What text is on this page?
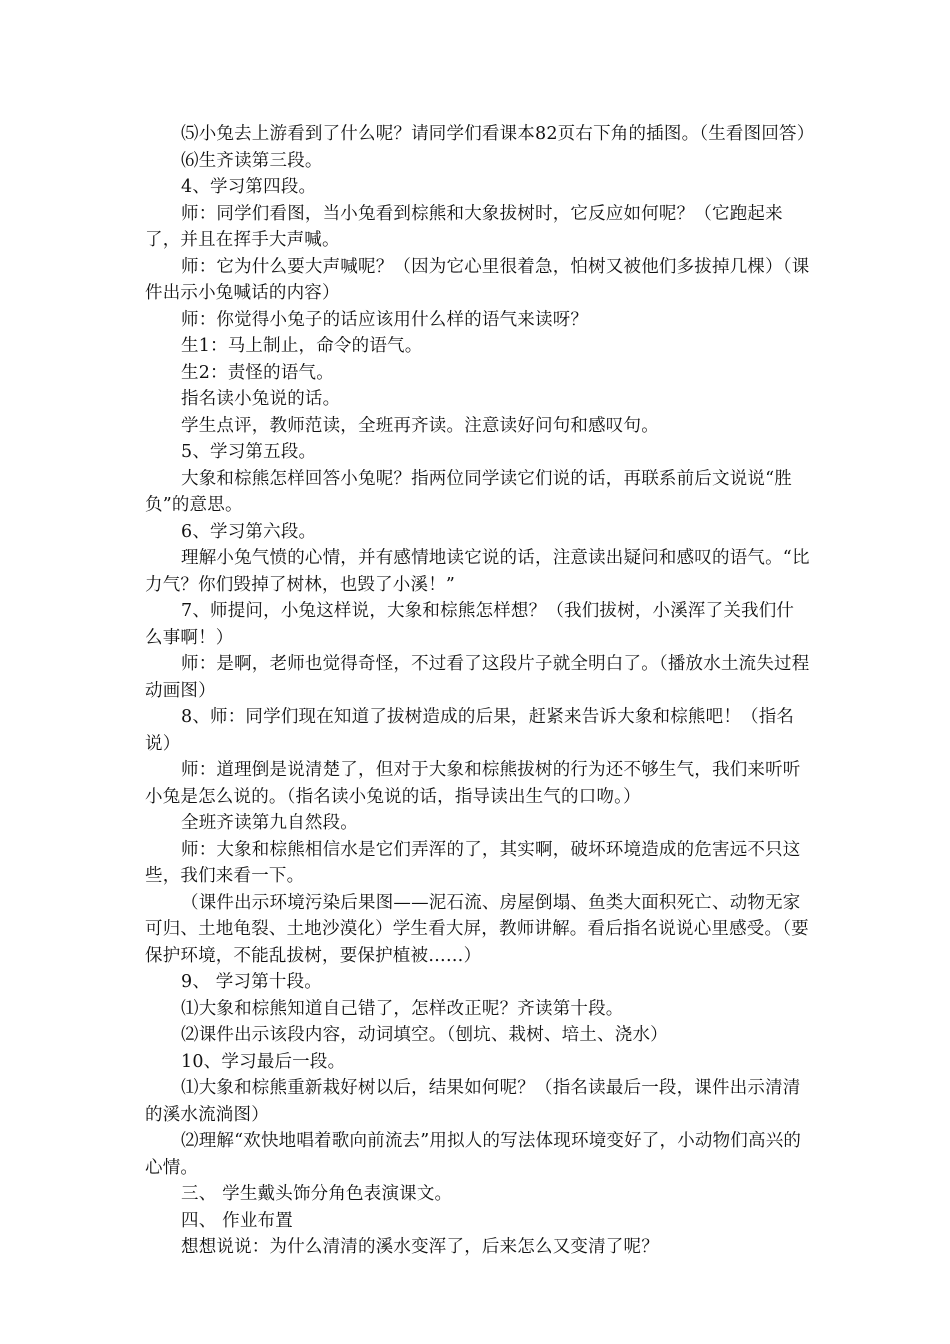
⑸小兔去上游看到了什么呢？请同学们看课本82页右下角的插图。（生看图回答）

⑹生齐读第三段。

4、学习第四段。

师：同学们看图，当小兔看到棕熊和大象拔树时，它反应如何呢？（它跑起来了，并且在挥手大声喊。

师：它为什么要大声喊呢？（因为它心里很着急，怕树又被他们多拔掉几棵）（课件出示小兔喊话的内容）

师：你觉得小兔子的话应该用什么样的语气来读呀？

生1：马上制止，命令的语气。

生2：责怪的语气。

指名读小兔说的话。

学生点评，教师范读，全班再齐读。注意读好问句和感叹句。

5、学习第五段。

大象和棕熊怎样回答小兔呢？指两位同学读它们说的话，再联系前后文说说“胜负”的意思。

6、学习第六段。

理解小兔气愤的心情，并有感情地读它说的话，注意读出疑问和感叹的语气。“比力气？你们毁掉了树林，也毁了小溪！”

7、师提问，小兔这样说，大象和棕熊怎样想？（我们拔树，小溪浑了关我们什么事啊！）

师：是啊，老师也觉得奇怪，不过看了这段片子就全明白了。（播放水土流失过程动画图）

8、师：同学们现在知道了拔树造成的后果，赶紧来告诉大象和棕熊吧！（指名说）

师：道理倒是说清楚了，但对于大象和棕熊拔树的行为还不够生气，我们来听听小兔是怎么说的。（指名读小兔说的话，指导读出生气的口吻。）

全班齐读第九自然段。

师：大象和棕熊相信水是它们弄浑的了，其实啊，破坏环境造成的危害远不只这些，我们来看一下。

（课件出示环境污染后果图——泥石流、房屋倒塌、鱼类大面积死亡、动物无家可归、土地龟裂、土地沙漠化）学生看大屏，教师讲解。看后指名说说心里感受。（要保护环境，不能乱拔树，要保护植被……）

9、 学习第十段。

⑴大象和棕熊知道自己错了，怎样改正呢？齐读第十段。

⑵课件出示该段内容，动词填空。（刨坑、栽树、培土、浇水）

10、学习最后一段。

⑴大象和棕熊重新栽好树以后，结果如何呢？（指名读最后一段，课件出示清清的溪水流淌图）

⑵理解“欢快地唱着歌向前流去”用拟人的写法体现环境变好了，小动物们高兴的心情。

三、 学生戴头饰分角色表演课文。

四、 作业布置

想想说说：为什么清清的溪水变浑了，后来怎么又变清了呢？
